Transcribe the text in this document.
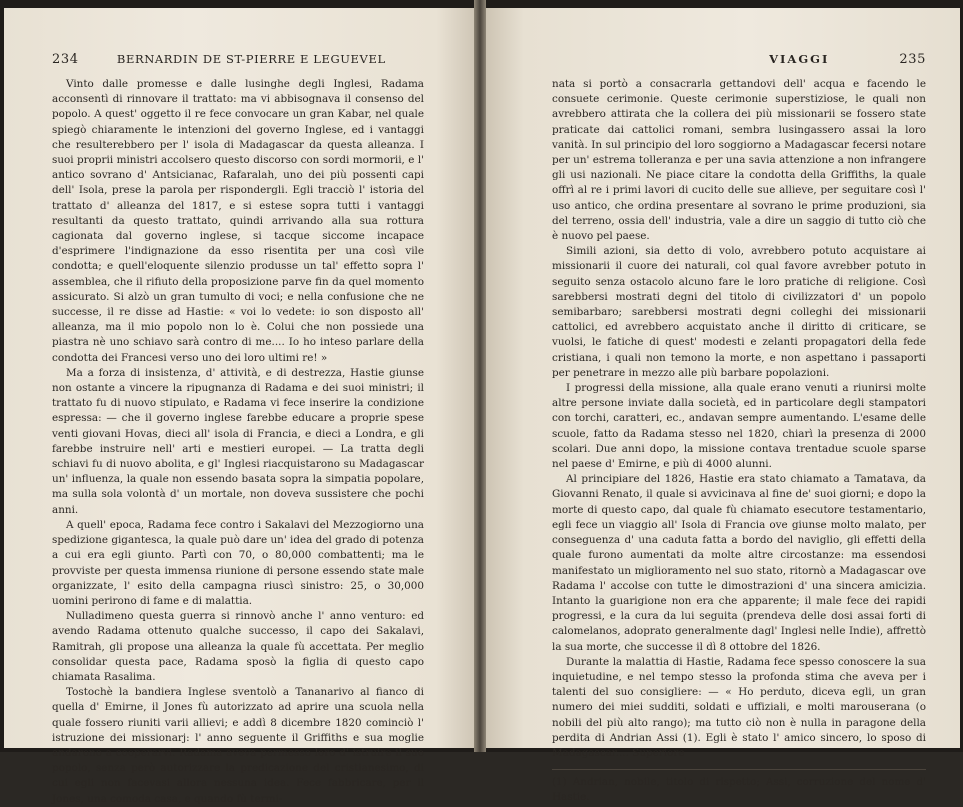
234	BERNARDIN DE ST-PIERRE E LEGUEVEL

Vinto dalle promesse e dalle lusinghe degli Inglesi, Radama acconsentì di rinnovare il trattato: ma vi abbisognava il consenso del popolo. A quest' oggetto il re fece convocare un gran Kabar, nel quale spiegò chiaramente le intenzioni del governo Inglese, ed i vantaggi che resulterebbero per l' isola di Madagascar da questa alleanza. I suoi proprii ministri accolsero questo discorso con sordi mormorii, e l' antico sovrano d' Antsicianac, Rafaralah, uno dei più possenti capi dell' Isola, prese la parola per rispondergli. Egli tracciò l' istoria del trattato d' alleanza del 1817, e si estese sopra tutti i vantaggi resultanti da questo trattato, quindi arrivando alla sua rottura cagionata dal governo inglese, si tacque siccome incapace d'esprimere l'indignazione da esso risentita per una così vile condotta; e quell'eloquente silenzio produsse un tal' effetto sopra l' assemblea, che il rifiuto della proposizione parve fin da quel momento assicurato. Si alzò un gran tumulto di voci; e nella confusione che ne successe, il re disse ad Hastie: « voi lo vedete: io son disposto all' alleanza, ma il mio popolo non lo è. Colui che non possiede una piastra nè uno schiavo sarà contro di me.... Io ho inteso parlare della condotta dei Francesi verso uno dei loro ultimi re! »

Ma a forza di insistenza, d' attività, e di destrezza, Hastie giunse non ostante a vincere la ripugnanza di Radama e dei suoi ministri; il trattato fu di nuovo stipulato, e Radama vi fece inserire la condizione espressa: — che il governo inglese farebbe educare a proprie spese venti giovani Hovas, dieci all' isola di Francia, e dieci a Londra, e gli farebbe instruire nell' arti e mestieri europei. — La tratta degli schiavi fu di nuovo abolita, e gl' Inglesi riacquistarono su Madagascar un' influenza, la quale non essendo basata sopra la simpatia popolare, ma sulla sola volontà d' un mortale, non doveva sussistere che pochi anni.

A quell' epoca, Radama fece contro i Sakalavi del Mezzogiorno una spedizione gigantesca, la quale può dare un' idea del grado di potenza a cui era egli giunto. Partì con 70, o 80,000 combattenti; ma le provviste per questa immensa riunione di persone essendo state male organizzate, l' esito della campagna riuscì sinistro: 25, o 30,000 uomini perirono di fame e di malattia.

Nulladimeno questa guerra si rinnovò anche l' anno venturo: ed avendo Radama ottenuto qualche successo, il capo dei Sakalavi, Ramitrah, gli propose una alleanza la quale fù accettata. Per meglio consolidar questa pace, Radama sposò la figlia di questo capo chiamata Rasalima.

Tostochè la bandiera Inglese sventolò a Tananarivo al fianco di quella d' Emirne, il Jones fù autorizzato ad aprire una scuola nella quale fossero riuniti varii allievi; e addì 8 dicembre 1820 cominciò l' istruzione dei missionarj: l' anno seguente il Griffiths e sua moglie andarono a cooperarvi. Radama aveva permesso loro d' istruire il suo popolo, senza però autorizzare la predicazione del cristianesimo, di cui egli non facevasi allora nessuna idea. Fece fabbricare, per il Jones, una comoda casa, e quando fù termi-

VIAGGI	235

nata si portò a consacrarla gettandovi dell' acqua e facendo le consuete cerimonie. Queste cerimonie superstiziose, le quali non avrebbero attirata che la collera dei più missionarii se fossero state praticate dai cattolici romani, sembra lusingassero assai la loro vanità. In sul principio del loro soggiorno a Madagascar fecersi notare per un' estrema tolleranza e per una savia attenzione a non infrangere gli usi nazionali. Ne piace citare la condotta della Griffiths, la quale offrì al re i primi lavori di cucito delle sue allieve, per seguitare così l' uso antico, che ordina presentare al sovrano le prime produzioni, sia del terreno, ossia dell' industria, vale a dire un saggio di tutto ciò che è nuovo pel paese.

Simili azioni, sia detto di volo, avrebbero potuto acquistare ai missionarii il cuore dei naturali, col qual favore avrebber potuto in seguito senza ostacolo alcuno fare le loro pratiche di religione. Così sarebbersi mostrati degni del titolo di civilizzatori d' un popolo semibarbaro; sarebbersi mostrati degni colleghi dei missionarii cattolici, ed avrebbero acquistato anche il diritto di criticare, se vuolsi, le fatiche di quest' modesti e zelanti propagatori della fede cristiana, i quali non temono la morte, e non aspettano i passaporti per penetrare in mezzo alle più barbare popolazioni.

I progressi della missione, alla quale erano venuti a riunirsi molte altre persone inviate dalla società, ed in particolare degli stampatori con torchi, caratteri, ec., andavan sempre aumentando. L'esame delle scuole, fatto da Radama stesso nel 1820, chiarì la presenza di 2000 scolari. Due anni dopo, la missione contava trentadue scuole sparse nel paese d' Emirne, e più di 4000 alunni.

Al principiare del 1826, Hastie era stato chiamato a Tamatava, da Giovanni Renato, il quale si avvicinava al fine de' suoi giorni; e dopo la morte di questo capo, dal quale fù chiamato esecutore testamentario, egli fece un viaggio all' Isola di Francia ove giunse molto malato, per conseguenza d' una caduta fatta a bordo del naviglio, gli effetti della quale furono aumentati da molte altre circostanze: ma essendosi manifestato un miglioramento nel suo stato, ritornò a Madagascar ove Radama l' accolse con tutte le dimostrazioni d' una sincera amicizia. Intanto la guarigione non era che apparente; il male fece dei rapidi progressi, e la cura da lui seguita (prendeva delle dosi assai forti di calomelanos, adoprato generalmente dagl' Inglesi nelle Indie), affrettò la sua morte, che successe il dì 8 ottobre del 1826.

Durante la malattia di Hastie, Radama fece spesso conoscere la sua inquietudine, e nel tempo stesso la profonda stima che aveva per i talenti del suo consigliere: — « Ho perduto, diceva egli, un gran numero dei miei sudditi, soldati e uffiziali, e molti marouserana (o nobili del più alto rango); ma tutto ciò non è nulla in paragone della perdita di Andrian Assi (1). Egli è stato l' amico sincero, lo sposo di Madagascar.... Superiore

(1) Andrian, nobile, titolo di rispetto; Assi, corruzione del nome d' Hastie.
